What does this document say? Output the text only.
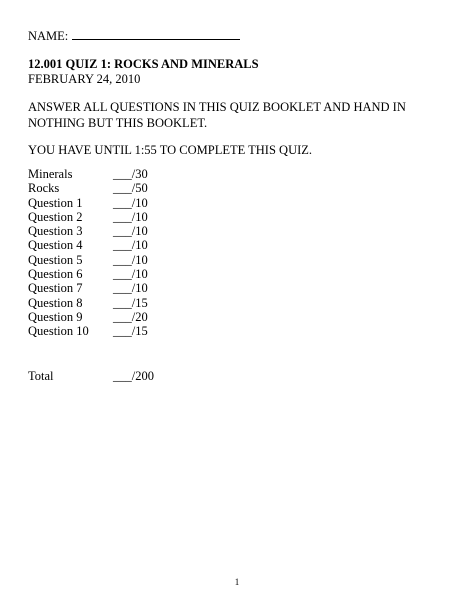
NAME:
12.001 QUIZ 1: ROCKS AND MINERALS
FEBRUARY 24, 2010
ANSWER ALL QUESTIONS IN THIS QUIZ BOOKLET AND HAND IN
NOTHING BUT THIS BOOKLET.
YOU HAVE UNTIL 1:55 TO COMPLETE THIS QUIZ.
Minerals	___/30
Rocks	___/50
Question 1 ___/10
Question 2 ___/10
Question 3 ___/10
Question 4 ___/10
Question 5 ___/10
Question 6 ___/10
Question 7 ___/10
Question 8 ___/15
Question 9 ___/20
Question 10 ___/15
Total	___/200
1
